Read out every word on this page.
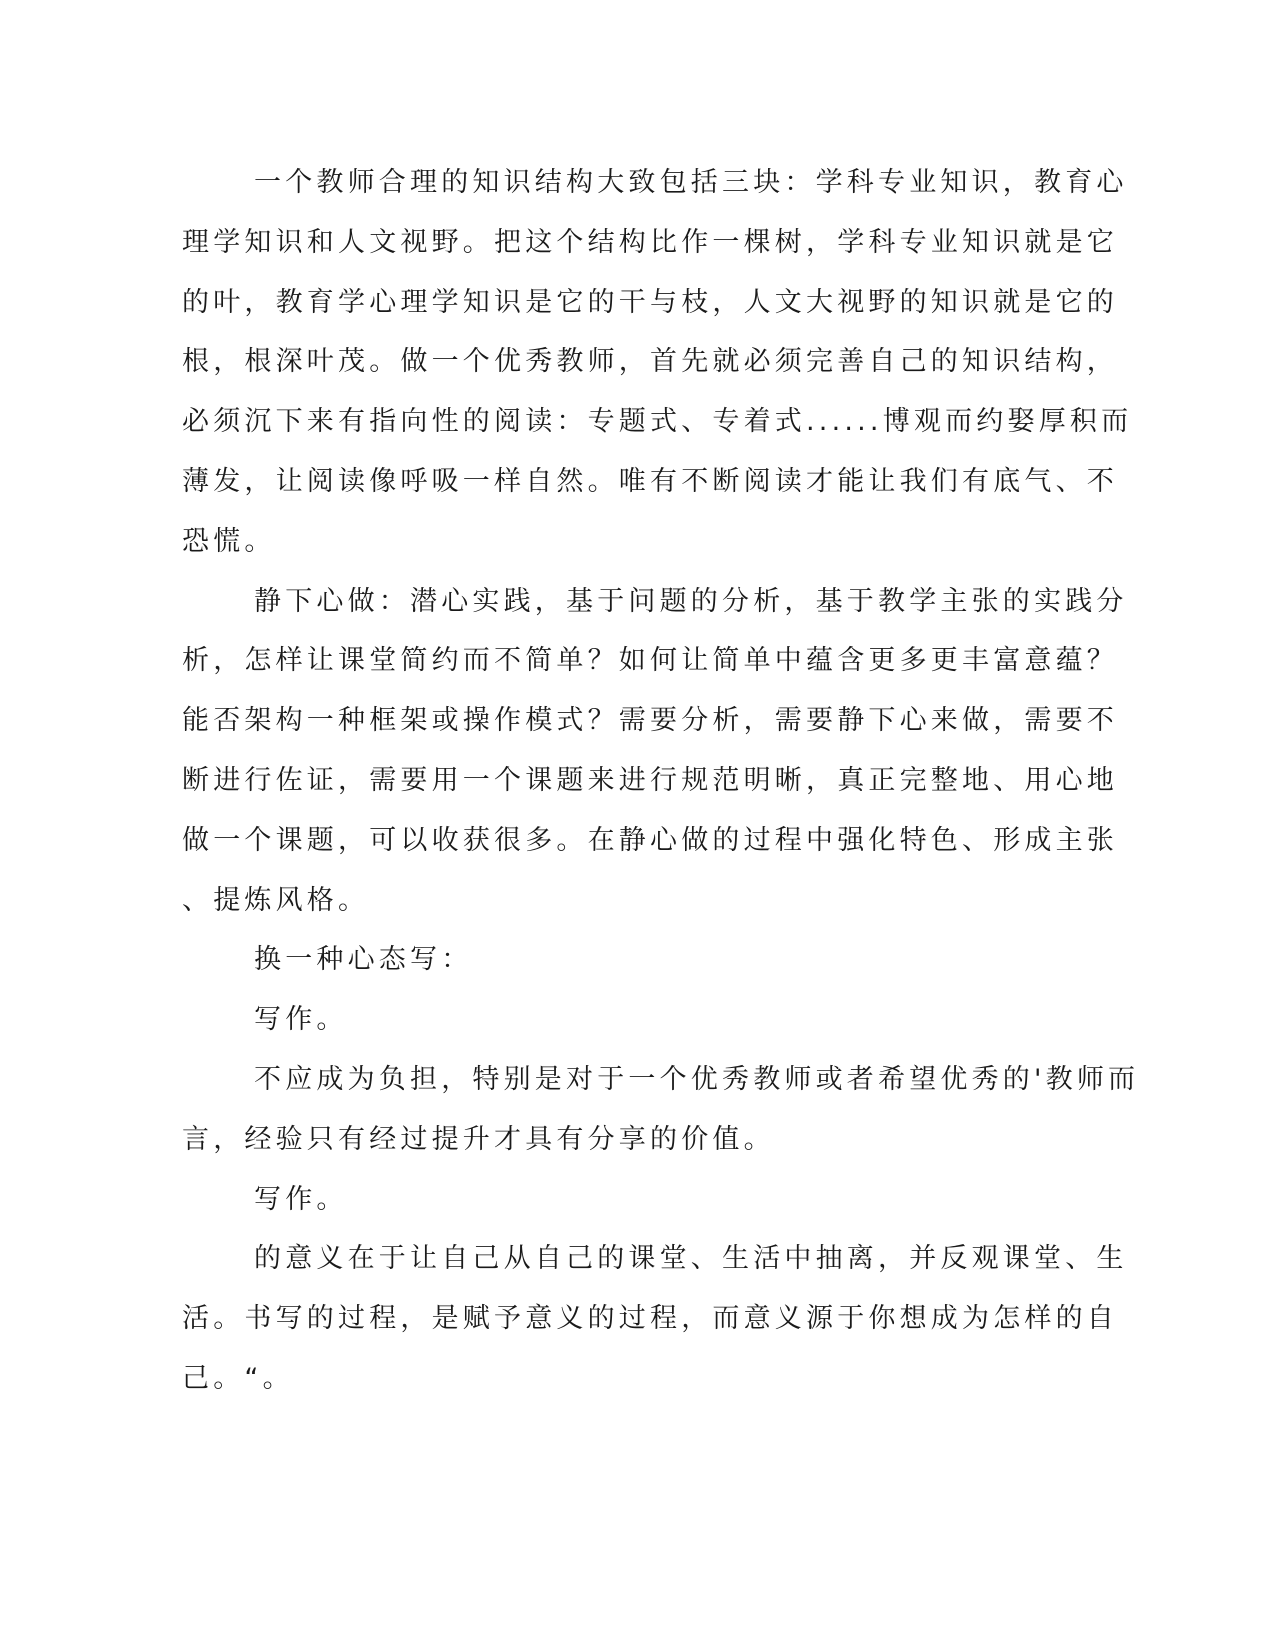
一个教师合理的知识结构大致包括三块：学科专业知识，教育心
理学知识和人文视野。把这个结构比作一棵树，学科专业知识就是它
的叶，教育学心理学知识是它的干与枝，人文大视野的知识就是它的
根，根深叶茂。做一个优秀教师，首先就必须完善自己的知识结构，
必须沉下来有指向性的阅读：专题式、专着式......博观而约娶厚积而
薄发，让阅读像呼吸一样自然。唯有不断阅读才能让我们有底气、不
恐慌。
静下心做：潜心实践，基于问题的分析，基于教学主张的实践分
析，怎样让课堂简约而不简单？如何让简单中蕴含更多更丰富意蕴？
能否架构一种框架或操作模式？需要分析，需要静下心来做，需要不
断进行佐证，需要用一个课题来进行规范明晰，真正完整地、用心地
做一个课题，可以收获很多。在静心做的过程中强化特色、形成主张
、提炼风格。
换一种心态写：
写作。
不应成为负担，特别是对于一个优秀教师或者希望优秀的'教师而
言，经验只有经过提升才具有分享的价值。
写作。
的意义在于让自己从自己的课堂、生活中抽离，并反观课堂、生
活。书写的过程，是赋予意义的过程，而意义源于你想成为怎样的自
己。“。
